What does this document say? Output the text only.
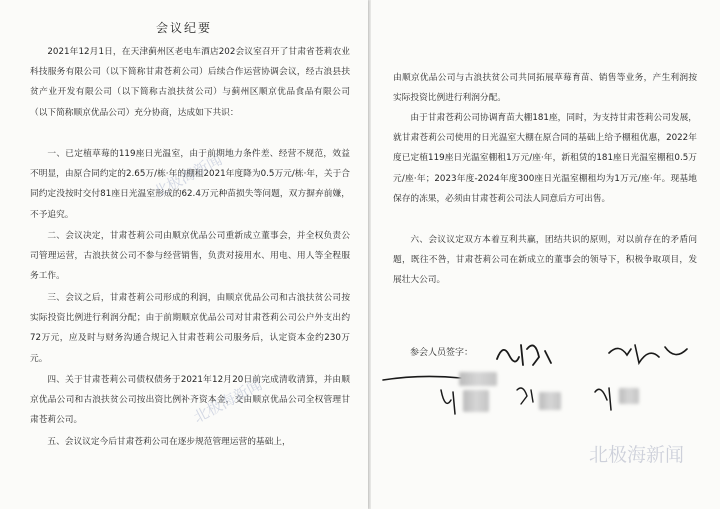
会议纪要
2021年12月1日，在天津蓟州区老电车酒店202会议室召开了甘肃省苍莉农业科技服务有限公司（以下简称甘肃苍莉公司）后续合作运营协调会议，经古浪县扶贫产业开发有限公司（以下简称古浪扶贫公司）与蓟州区顺京优品食品有限公司（以下简称顺京优品公司）充分协商，达成如下共识：
一、已定植草莓的119座日光温室，由于前期地力条件差、经营不规范，效益不明显，由原合同约定的2.65万/栋·年的棚租2021年度降为0.5万元/栋·年，关于合同约定没按时交付81座日光温室形成的62.4万元种苗损失等问题，双方摒弃前嫌，不予追究。
二、会议决定，甘肃苍莉公司由顺京优品公司重新成立董事会，并全权负责公司管理运营，古浪扶贫公司不参与经营销售，负责对接用水、用电、用人等全程服务工作。
三、会议之后，甘肃苍莉公司形成的利润，由顺京优品公司和古浪扶贫公司按实际投资比例进行利润分配；由于前期顺京优品公司对甘肃苍莉公司公户外支出约72万元，应及时与财务沟通合规记入甘肃苍莉公司服务后，认定资本金约230万元。
四、关于甘肃苍莉公司债权债务于2021年12月20日前完成清收清算，并由顺京优品公司和古浪扶贫公司按出资比例补齐资本金，交由顺京优品公司全权管理甘肃苍莉公司。
五、会议议定今后甘肃苍莉公司在逐步规范管理运营的基础上，
北极海新闻
北极海新闻
由顺京优品公司与古浪扶贫公司共同拓展草莓育苗、销售等业务，产生利润按实际投资比例进行利润分配。
由于甘肃苍莉公司协调育苗大棚181座，同时，为支持甘肃苍莉公司发展，就甘肃苍莉公司使用的日光温室大棚在原合同的基础上给予棚租优惠，2022年度已定植119座日光温室棚租1万元/座·年，新租赁的181座日光温室棚租0.5万元/座·年；2023年度-2024年度300座日光温室棚租均为1万元/座·年。现基地保存的冻果，必须由甘肃苍莉公司法人同意后方可出售。
六、会议议定双方本着互利共赢，团结共识的原则，对以前存在的矛盾问题，既往不咎，甘肃苍莉公司在新成立的董事会的领导下，积极争取项目，发展壮大公司。
参会人员签字：
北极海新闻
